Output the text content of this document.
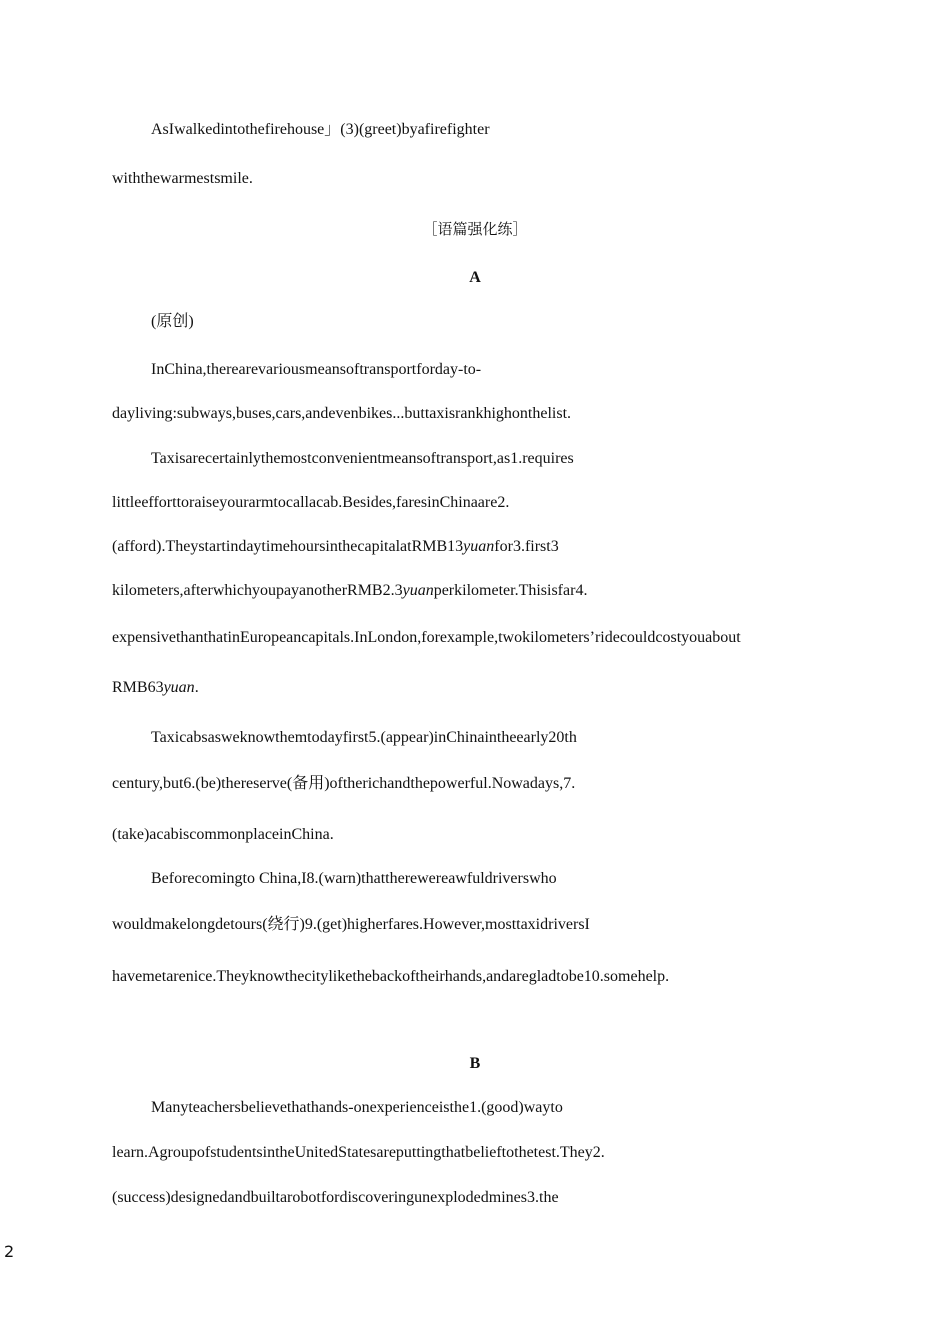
AsIwalkedintothefirehouse」(3)(greet)byafirefighter
withthewarmestsmile.
［语篇强化练］
A
(原创)
InChina,therearevariousmeansoftransportforday-to-
dayliving:subways,buses,cars,andevenbikes...buttaxisrankhighonthelist.
Taxisarecertainlythemostconvenientmeansoftransport,as1.requires
littleefforttoraiseyourarmtocallacab.Besides,faresinChinaare2.
(afford).TheystartindaytimehoursinthecapitalatRMB13yuanfor3.first3
kilometers,afterwhichyoupayanotherRMB2.3yuanperkilometer.Thisisfar4.
expensivethanthatinEuropeancapitals.InLondon,forexample,twokilometers’ridecouldcostyouabout
RMB63yuan.
Taxicabsasweknowthemtodayfirst5.(appear)inChinaintheearly20th
century,but6.(be)thereserve(备用)oftherichandthepowerful.Nowadays,7.
(take)acabiscommonplaceinChina.
Beforecomingto China,I8.(warn)thattherewereawfuldriverswho
wouldmakelongdetours(绕行)9.(get)higherfares.However,mosttaxidriversI
havemetarenice.Theyknowthecitylikethebackoftheirhands,andaregladtobe10.somehelp.
B
Manyteachersbelievethathands-onexperienceisthe1.(good)wayto
learn.AgroupofstudentsintheUnitedStatesareputtingthatbelieftothetest.They2.
(success)designedandbuiltarobotfordiscoveringunexplodedmines3.the
2
